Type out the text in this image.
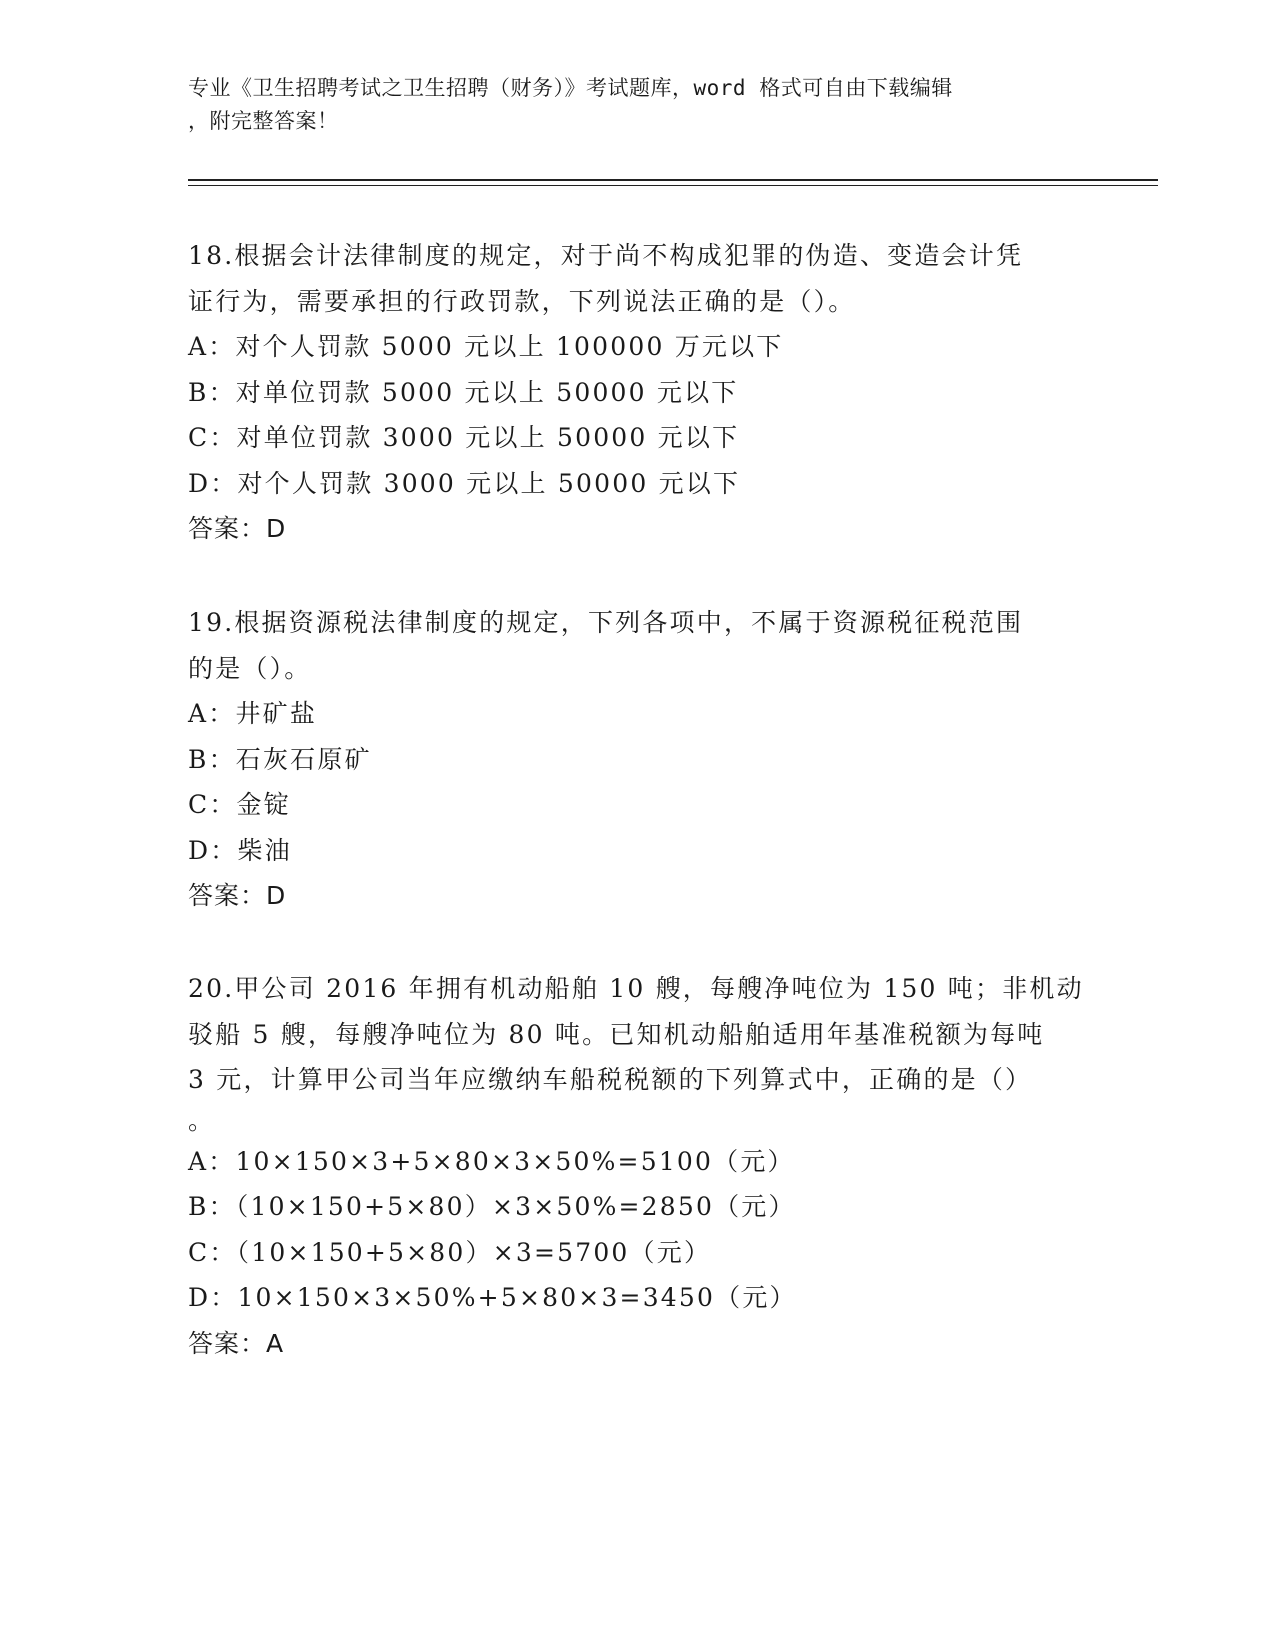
专业《卫生招聘考试之卫生招聘（财务）》考试题库，word 格式可自由下载编辑
，附完整答案！

18.根据会计法律制度的规定，对于尚不构成犯罪的伪造、变造会计凭

证行为，需要承担的行政罚款，下列说法正确的是（）。

A：对个人罚款 5000 元以上 100000 万元以下

B：对单位罚款 5000 元以上 50000 元以下

C：对单位罚款 3000 元以上 50000 元以下

D：对个人罚款 3000 元以上 50000 元以下

答案：D

19.根据资源税法律制度的规定，下列各项中，不属于资源税征税范围

的是（）。

A：井矿盐

B：石灰石原矿

C：金锭

D：柴油

答案：D

20.甲公司 2016 年拥有机动船舶 10 艘，每艘净吨位为 150 吨；非机动

驳船 5 艘，每艘净吨位为 80 吨。已知机动船舶适用年基准税额为每吨

3 元，计算甲公司当年应缴纳车船税税额的下列算式中，正确的是（）

。

A：10×150×3+5×80×3×50%=5100（元）

B：（10×150+5×80）×3×50%=2850（元）

C：（10×150+5×80）×3=5700（元）

D：10×150×3×50%+5×80×3=3450（元）

答案：A
